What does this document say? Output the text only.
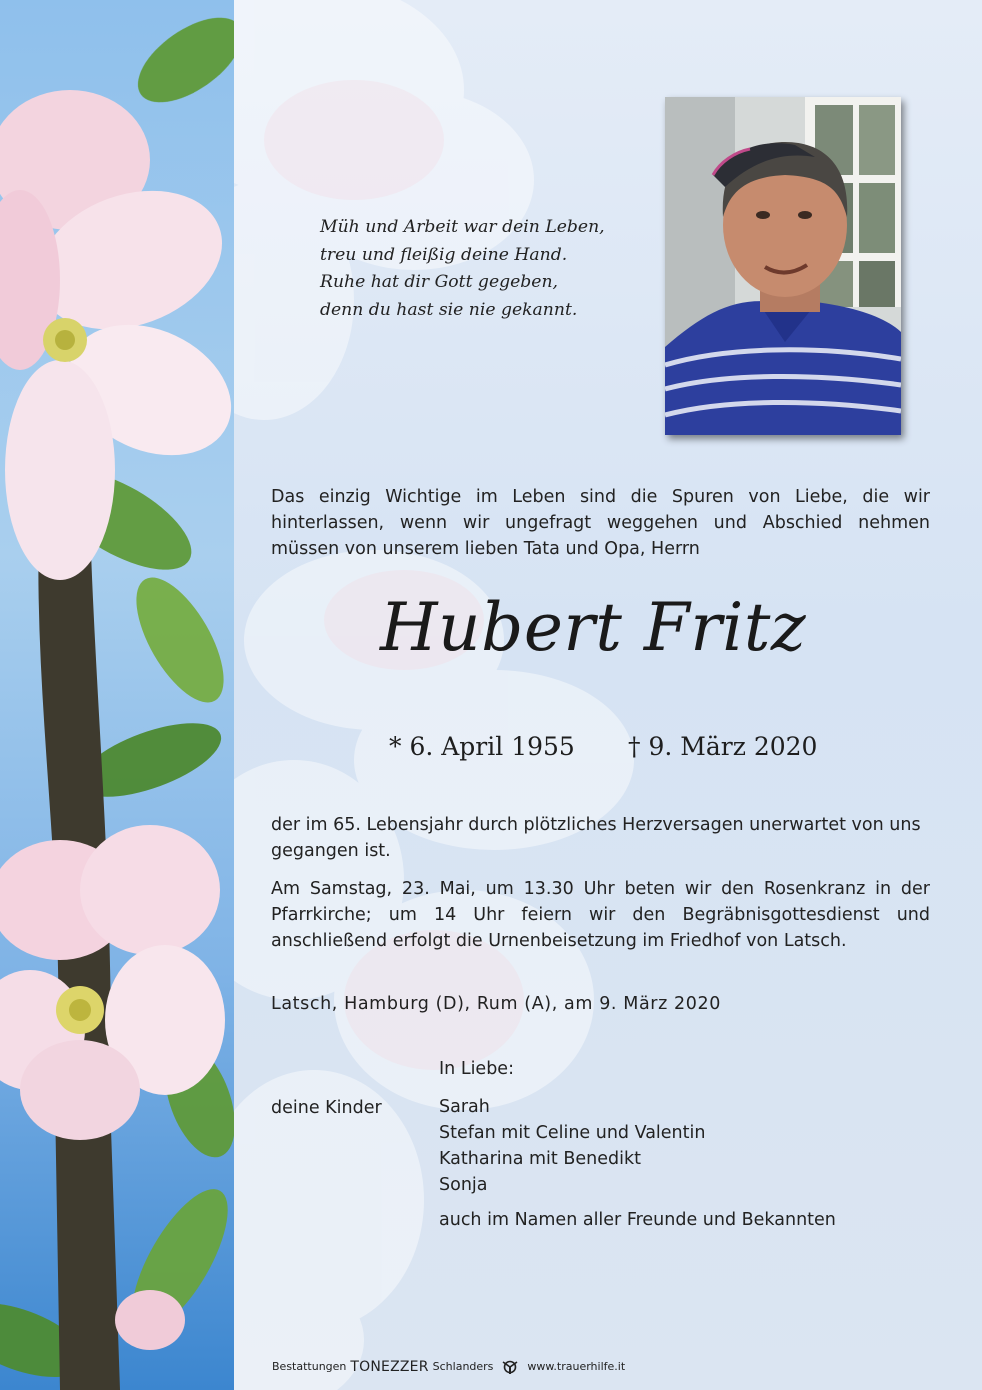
Müh und Arbeit war dein Leben,
treu und fleißig deine Hand.
Ruhe hat dir Gott gegeben,
denn du hast sie nie gekannt.
Das einzig Wichtige im Leben sind die Spuren von Liebe, die wir hinterlassen, wenn wir ungefragt weggehen und Abschied nehmen müssen von unserem lieben Tata und Opa, Herrn
Hubert Fritz
* 6. April 1955 † 9. März 2020
der im 65. Lebensjahr durch plötzliches Herzversagen unerwartet von uns gegangen ist.
Am Samstag, 23. Mai, um 13.30 Uhr beten wir den Rosenkranz in der Pfarrkirche; um 14 Uhr feiern wir den Begräbnisgottesdienst und anschließend erfolgt die Urnenbeisetzung im Friedhof von Latsch.
Latsch, Hamburg (D), Rum (A), am 9. März 2020
In Liebe:
deine Kinder	Sarah
Stefan mit Celine und Valentin
Katharina mit Benedikt
Sonja
auch im Namen aller Freunde und Bekannten
Bestattungen TONEZZER Schlanders	www.trauerhilfe.it
